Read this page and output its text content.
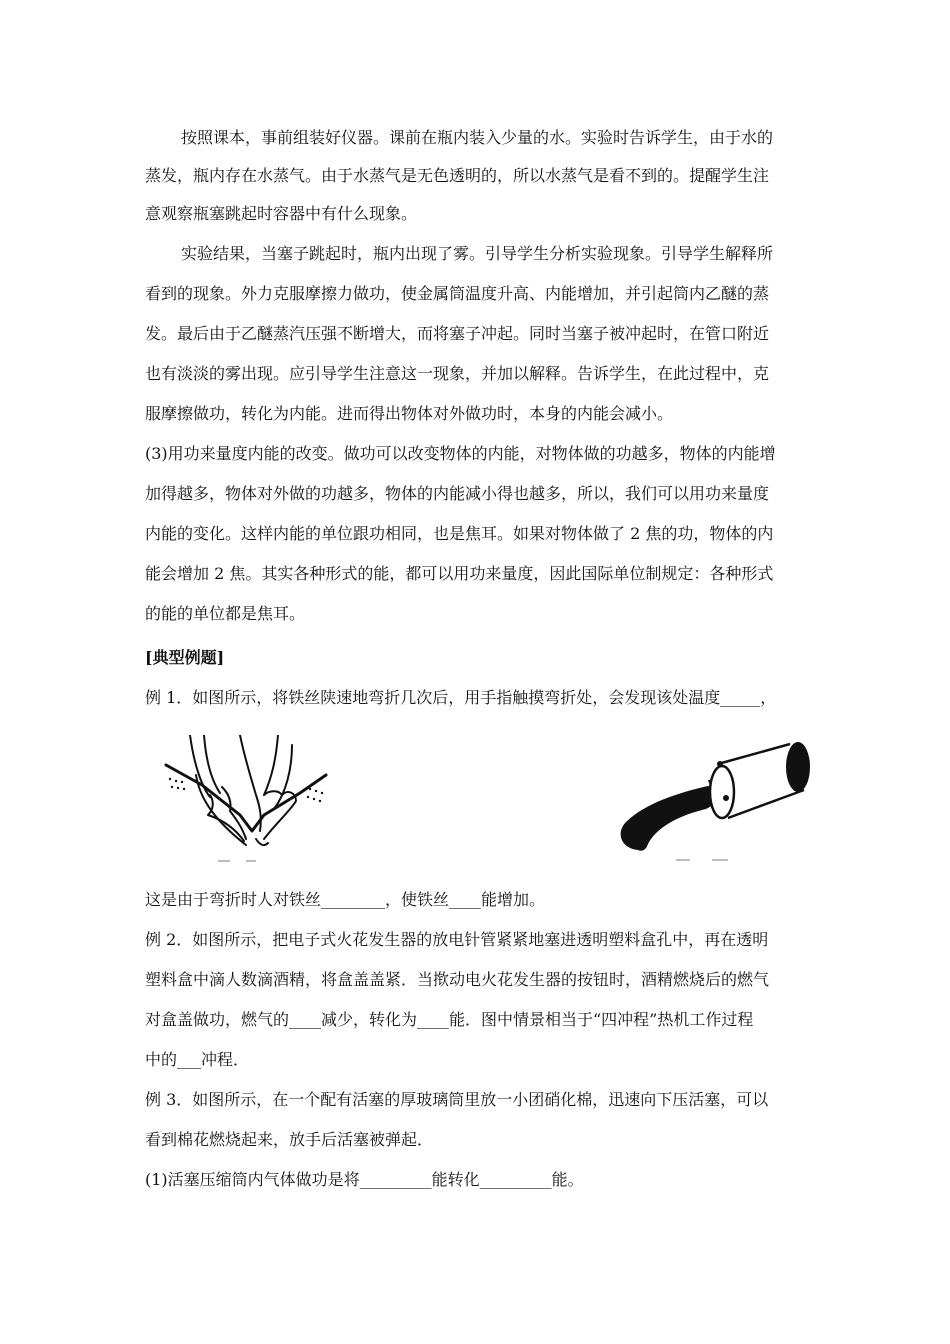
按照课本，事前组装好仪器。课前在瓶内装入少量的水。实验时告诉学生，由于水的
蒸发，瓶内存在水蒸气。由于水蒸气是无色透明的，所以水蒸气是看不到的。提醒学生注
意观察瓶塞跳起时容器中有什么现象。
实验结果，当塞子跳起时，瓶内出现了雾。引导学生分析实验现象。引导学生解释所
看到的现象。外力克服摩擦力做功，使金属筒温度升高、内能增加，并引起筒内乙醚的蒸
发。最后由于乙醚蒸汽压强不断增大，而将塞子冲起。同时当塞子被冲起时，在管口附近
也有淡淡的雾出现。应引导学生注意这一现象，并加以解释。告诉学生，在此过程中，克
服摩擦做功，转化为内能。进而得出物体对外做功时，本身的内能会减小。
(3)用功来量度内能的改变。做功可以改变物体的内能，对物体做的功越多，物体的内能增
加得越多，物体对外做的功越多，物体的内能减小得也越多，所以，我们可以用功来量度
内能的变化。这样内能的单位跟功相同，也是焦耳。如果对物体做了 2 焦的功，物体的内
能会增加 2 焦。其实各种形式的能，都可以用功来量度，因此国际单位制规定：各种形式
的能的单位都是焦耳。
[典型例题]
例 1．如图所示，将铁丝陕速地弯折几次后，用手指触摸弯折处，会发现该处温度_____，
这是由于弯折时人对铁丝________，使铁丝____能增加。
例 2．如图所示，把电子式火花发生器的放电针管紧紧地塞进透明塑料盒孔中，再在透明
塑料盒中滴人数滴酒精，将盒盖盖紧．当揿动电火花发生器的按钮时，酒精燃烧后的燃气
对盒盖做功，燃气的____减少，转化为____能．图中情景相当于“四冲程”热机工作过程
中的___冲程．
例 3．如图所示，在一个配有活塞的厚玻璃筒里放一小团硝化棉，迅速向下压活塞，可以
看到棉花燃烧起来，放手后活塞被弹起．
(1)活塞压缩筒内气体做功是将_________能转化_________能。
